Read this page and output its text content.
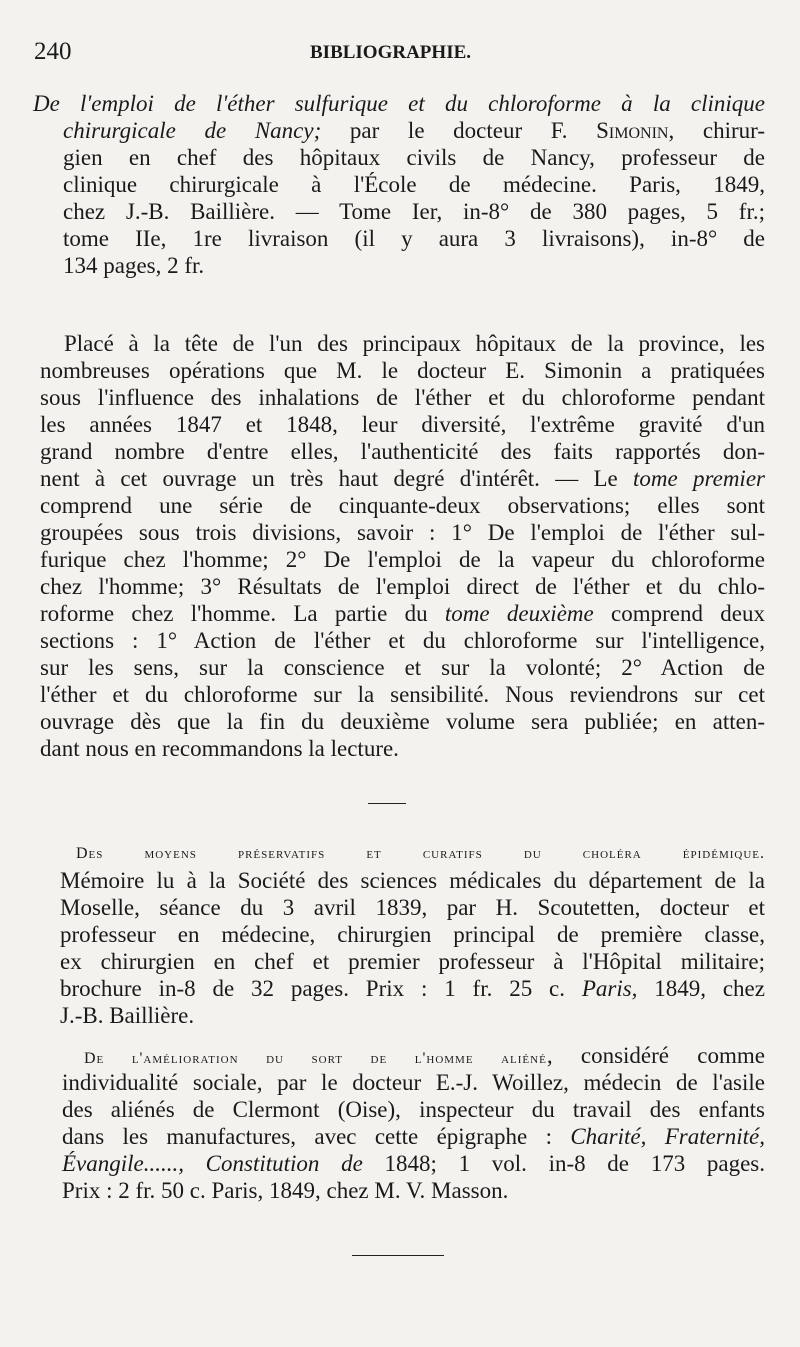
240	BIBLIOGRAPHIE.
De l'emploi de l'éther sulfurique et du chloroforme à la clinique
chirurgicale de Nancy; par le docteur F. Simonin, chirur-
gien en chef des hôpitaux civils de Nancy, professeur de
clinique chirurgicale à l'École de médecine. Paris, 1849,
chez J.-B. Baillière. — Tome Ier, in-8° de 380 pages, 5 fr.;
tome IIe, 1re livraison (il y aura 3 livraisons), in-8° de
134 pages, 2 fr.
Placé à la tête de l'un des principaux hôpitaux de la province, les
nombreuses opérations que M. le docteur E. Simonin a pratiquées
sous l'influence des inhalations de l'éther et du chloroforme pendant
les années 1847 et 1848, leur diversité, l'extrême gravité d'un
grand nombre d'entre elles, l'authenticité des faits rapportés don-
nent à cet ouvrage un très haut degré d'intérêt. — Le tome premier
comprend une série de cinquante-deux observations; elles sont
groupées sous trois divisions, savoir : 1° De l'emploi de l'éther sul-
furique chez l'homme; 2° De l'emploi de la vapeur du chloroforme
chez l'homme; 3° Résultats de l'emploi direct de l'éther et du chlo-
roforme chez l'homme. La partie du tome deuxième comprend deux
sections : 1° Action de l'éther et du chloroforme sur l'intelligence,
sur les sens, sur la conscience et sur la volonté; 2° Action de
l'éther et du chloroforme sur la sensibilité. Nous reviendrons sur cet
ouvrage dès que la fin du deuxième volume sera publiée; en atten-
dant nous en recommandons la lecture.
Des moyens préservatifs et curatifs du choléra épidémique.
Mémoire lu à la Société des sciences médicales du département de la
Moselle, séance du 3 avril 1839, par H. Scoutetten, docteur et
professeur en médecine, chirurgien principal de première classe,
ex chirurgien en chef et premier professeur à l'Hôpital militaire;
brochure in-8 de 32 pages. Prix : 1 fr. 25 c. Paris, 1849, chez
J.-B. Baillière.
De l'amélioration du sort de l'homme aliéné, considéré comme
individualité sociale, par le docteur E.-J. Woillez, médecin de l'asile
des aliénés de Clermont (Oise), inspecteur du travail des enfants
dans les manufactures, avec cette épigraphe : Charité, Fraternité,
Évangile......, Constitution de 1848; 1 vol. in-8 de 173 pages.
Prix : 2 fr. 50 c. Paris, 1849, chez M. V. Masson.
